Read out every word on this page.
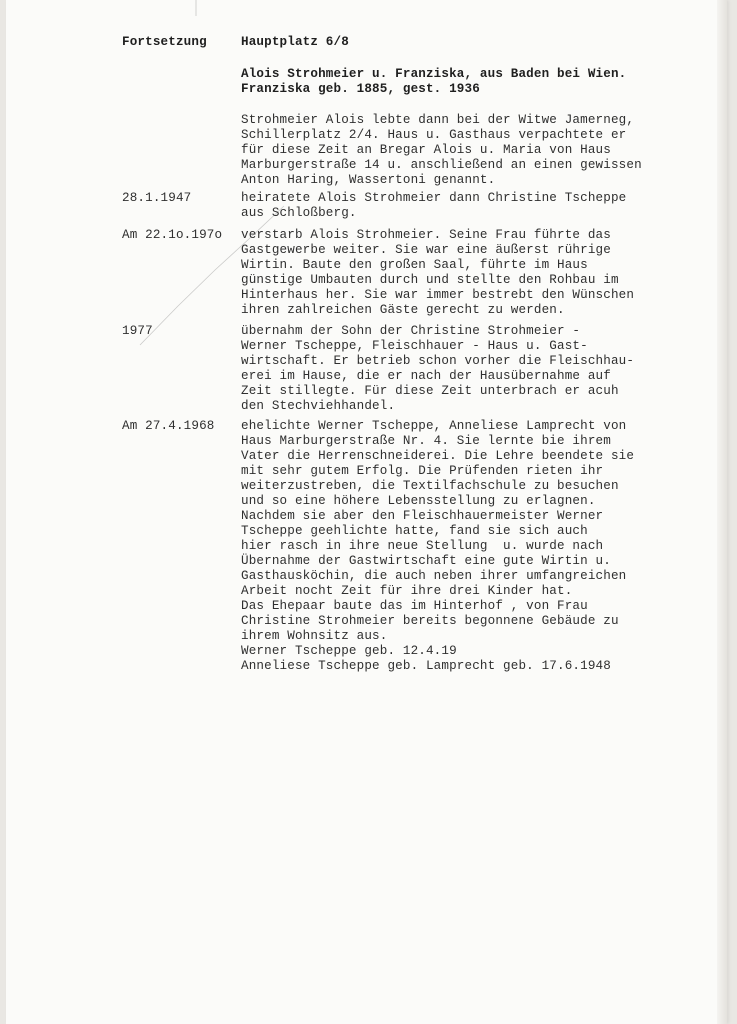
Fortsetzung	Hauptplatz 6/8
Alois Strohmeier u. Franziska, aus Baden bei Wien.
Franziska geb. 1885, gest. 1936
Strohmeier Alois lebte dann bei der Witwe Jamerneg,
Schillerplatz 2/4. Haus u. Gasthaus verpachtete er
für diese Zeit an Bregar Alois u. Maria von Haus
Marburgerstraße 14 u. anschließend an einen gewissen
Anton Haring, Wassertoni genannt.
28.1.1947	heiratete Alois Strohmeier dann Christine Tscheppe
aus Schloßberg.
Am 22.1o.197o verstarb Alois Strohmeier. Seine Frau führte das
Gastgewerbe weiter. Sie war eine äußerst rührige
Wirtin. Baute den großen Saal, führte im Haus
günstige Umbauten durch und stellte den Rohbau im
Hinterhaus her. Sie war immer bestrebt den Wünschen
ihren zahlreichen Gäste gerecht zu werden.
1977	übernahm der Sohn der Christine Strohmeier -
Werner Tscheppe, Fleischhauer - Haus u. Gast-
wirtschaft. Er betrieb schon vorher die Fleischhau-
erei im Hause, die er nach der Hausübernahme auf
Zeit stillegte. Für diese Zeit unterbrach er acuh
den Stechviehhandel.
Am 27.4.1968 ehelichte Werner Tscheppe, Anneliese Lamprecht von
Haus Marburgerstraße Nr. 4. Sie lernte bie ihrem
Vater die Herrenschneiderei. Die Lehre beendete sie
mit sehr gutem Erfolg. Die Prüfenden rieten ihr
weiterzustreben, die Textilfachschule zu besuchen
und so eine höhere Lebensstellung zu erlagnen.
Nachdem sie aber den Fleischhauermeister Werner
Tscheppe geehlichte hatte, fand sie sich auch
hier rasch in ihre neue Stellung  u. wurde nach
Übernahme der Gastwirtschaft eine gute Wirtin u.
Gasthausköchin, die auch neben ihrer umfangreichen
Arbeit nocht Zeit für ihre drei Kinder hat.
Das Ehepaar baute das im Hinterhof , von Frau
Christine Strohmeier bereits begonnene Gebäude zu
ihrem Wohnsitz aus.
Werner Tscheppe geb. 12.4.19
Anneliese Tscheppe geb. Lamprecht geb. 17.6.1948
